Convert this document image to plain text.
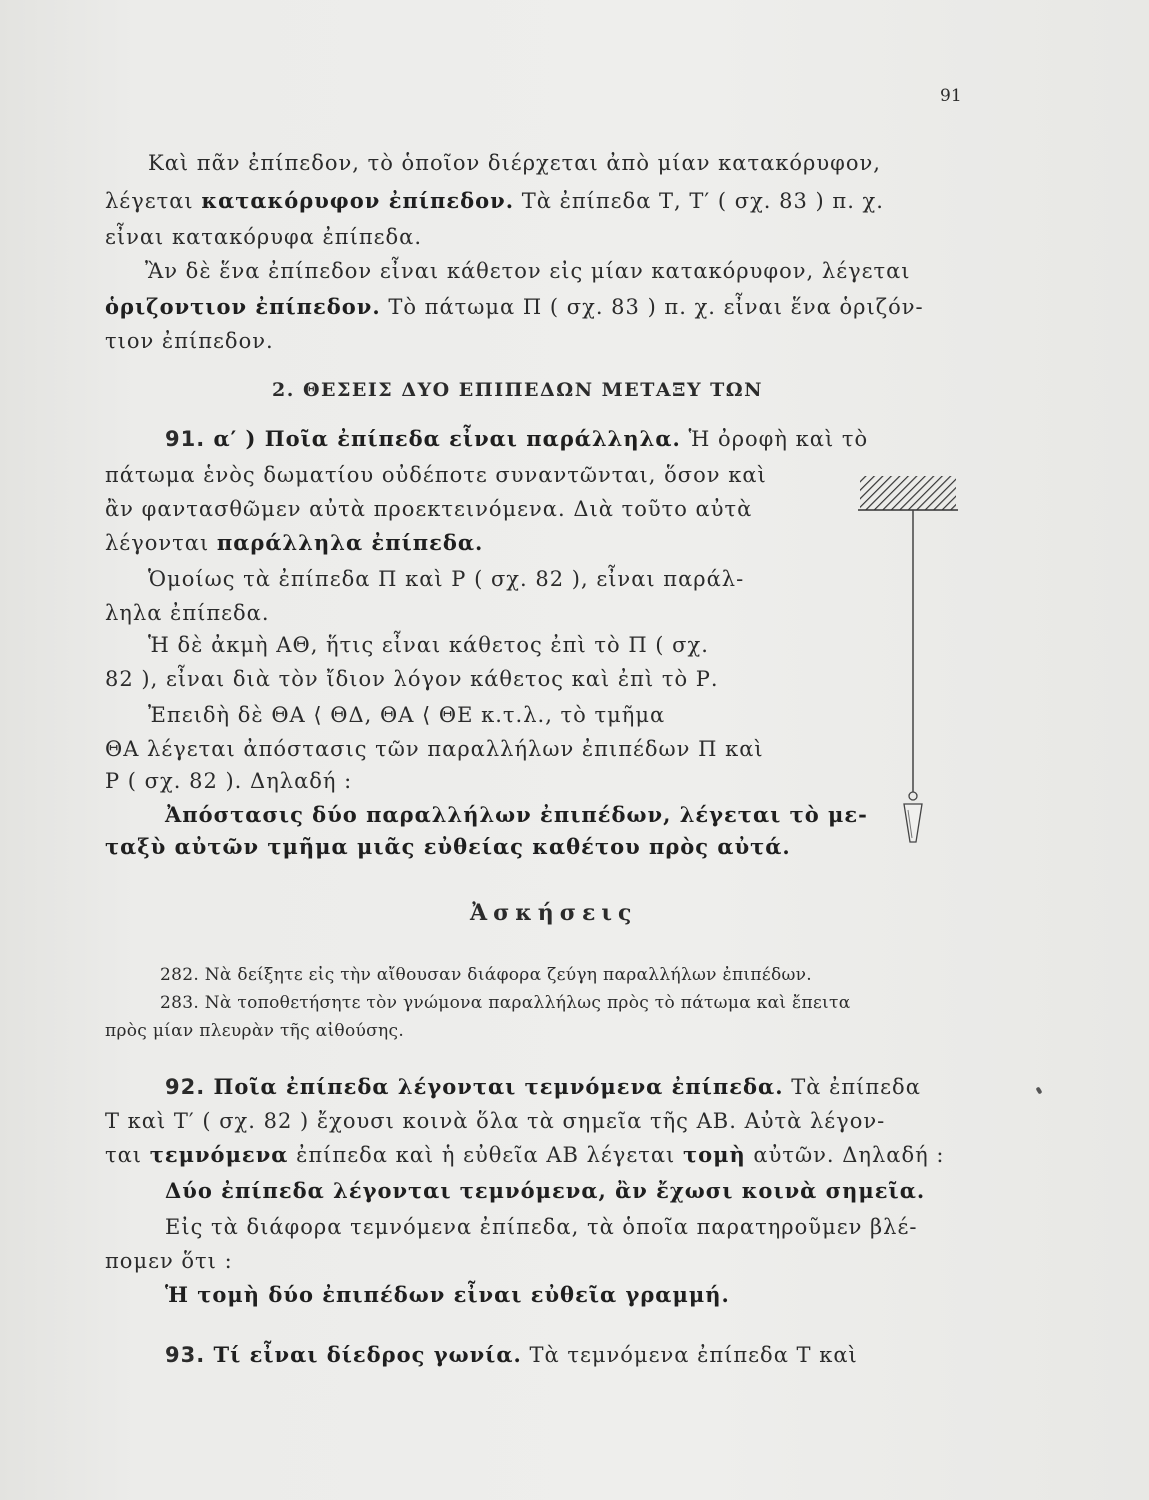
91
Καὶ πᾶν ἐπίπεδον, τὸ ὁποῖον διέρχεται ἀπὸ μίαν κατακόρυφον,
λέγεται κατακόρυφον ἐπίπεδον. Τὰ ἐπίπεδα Τ, Τ′ ( σχ. 83 ) π. χ.
εἶναι κατακόρυφα ἐπίπεδα.
Ἂν δὲ ἕνα ἐπίπεδον εἶναι κάθετον εἰς μίαν κατακόρυφον, λέγεται
ὁριζοντιον ἐπίπεδον. Τὸ πάτωμα Π ( σχ. 83 ) π. χ. εἶναι ἕνα ὁριζόν-
τιον ἐπίπεδον.
2. ΘΕΣΕΙΣ ΔΥΟ ΕΠΙΠΕΔΩΝ ΜΕΤΑΞΥ ΤΩΝ
91. α′ ) Ποῖα ἐπίπεδα εἶναι παράλληλα. Ἡ ὀροφὴ καὶ τὸ
πάτωμα ἑνὸς δωματίου οὐδέποτε συναντῶνται, ὅσον καὶ
ἂν φαντασθῶμεν αὐτὰ προεκτεινόμενα. Διὰ τοῦτο αὐτὰ
λέγονται παράλληλα ἐπίπεδα.
Ὁμοίως τὰ ἐπίπεδα Π καὶ Ρ ( σχ. 82 ), εἶναι παράλ-
ληλα ἐπίπεδα.
Ἡ δὲ ἀκμὴ ΑΘ, ἥτις εἶναι κάθετος ἐπὶ τὸ Π ( σχ.
82 ), εἶναι διὰ τὸν ἴδιον λόγον κάθετος καὶ ἐπὶ τὸ Ρ.
Ἐπειδὴ δὲ ΘΑ ⟨ ΘΔ, ΘΑ ⟨ ΘΕ κ.τ.λ., τὸ τμῆμα
ΘΑ λέγεται ἀπόστασις τῶν παραλλήλων ἐπιπέδων Π καὶ
Ρ ( σχ. 82 ). Δηλαδή :
Ἀπόστασις δύο παραλλήλων ἐπιπέδων, λέγεται τὸ με-
ταξὺ αὐτῶν τμῆμα μιᾶς εὐθείας καθέτου πρὸς αὐτά.
Ἀσκήσεις
282. Νὰ δείξητε εἰς τὴν αἴθουσαν διάφορα ζεύγη παραλλήλων ἐπιπέδων.
283. Νὰ τοποθετήσητε τὸν γνώμονα παραλλήλως πρὸς τὸ πάτωμα καὶ ἔπειτα
πρὸς μίαν πλευρὰν τῆς αἰθούσης.
92. Ποῖα ἐπίπεδα λέγονται τεμνόμενα ἐπίπεδα. Τὰ ἐπίπεδα
Τ καὶ Τ′ ( σχ. 82 ) ἔχουσι κοινὰ ὅλα τὰ σημεῖα τῆς ΑΒ. Αὐτὰ λέγον-
ται τεμνόμενα ἐπίπεδα καὶ ἡ εὐθεῖα ΑΒ λέγεται τομὴ αὐτῶν. Δηλαδή :
Δύο ἐπίπεδα λέγονται τεμνόμενα, ἂν ἔχωσι κοινὰ σημεῖα.
Εἰς τὰ διάφορα τεμνόμενα ἐπίπεδα, τὰ ὁποῖα παρατηροῦμεν βλέ-
πομεν ὅτι :
Ἡ τομὴ δύο ἐπιπέδων εἶναι εὐθεῖα γραμμή.
93. Τί εἶναι δίεδρος γωνία. Τὰ τεμνόμενα ἐπίπεδα Τ καὶ
